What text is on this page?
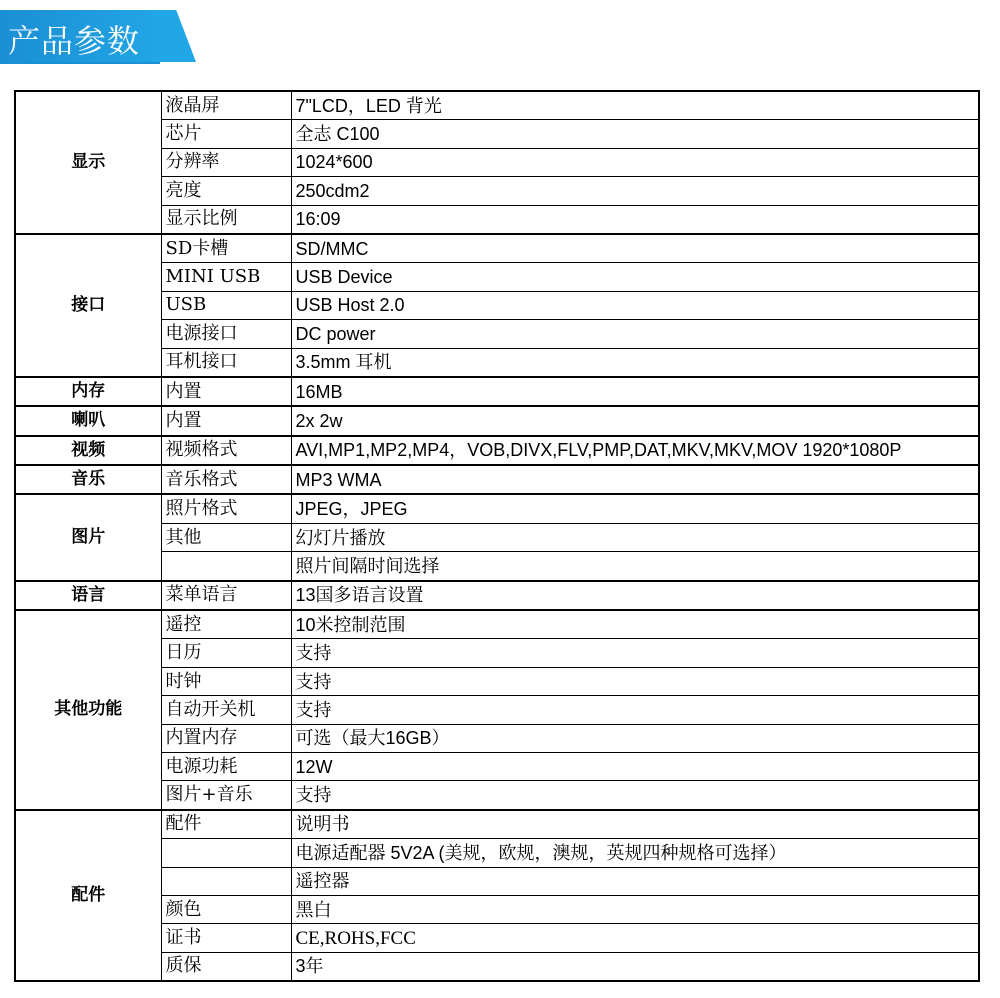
产品参数
显示	液晶屏	7"LCD，LED 背光
	芯片	全志 C100
	分辨率	1024*600
	亮度	250cdm2
	显示比例	16:09
接口	SD卡槽	SD/MMC
	MINI USB	USB Device
	USB	USB Host 2.0
	电源接口	DC power
	耳机接口	3.5mm 耳机
内存	内置	16MB
喇叭	内置	2x 2w
视频	视频格式	AVI,MP1,MP2,MP4，VOB,DIVX,FLV,PMP,DAT,MKV,MKV,MOV 1920*1080P
音乐	音乐格式	MP3 WMA
图片	照片格式	JPEG，JPEG
	其他	幻灯片播放
		照片间隔时间选择
语言	菜单语言	13国多语言设置
其他功能	遥控	10米控制范围
	日历	支持
	时钟	支持
	自动开关机	支持
	内置内存	可选（最大16GB）
	电源功耗	12W
	图片+音乐	支持
配件	配件	说明书
		电源适配器 5V2A (美规，欧规，澳规，英规四种规格可选择）
		遥控器
	颜色	黑白
	证书	CE,ROHS,FCC
	质保	3年
